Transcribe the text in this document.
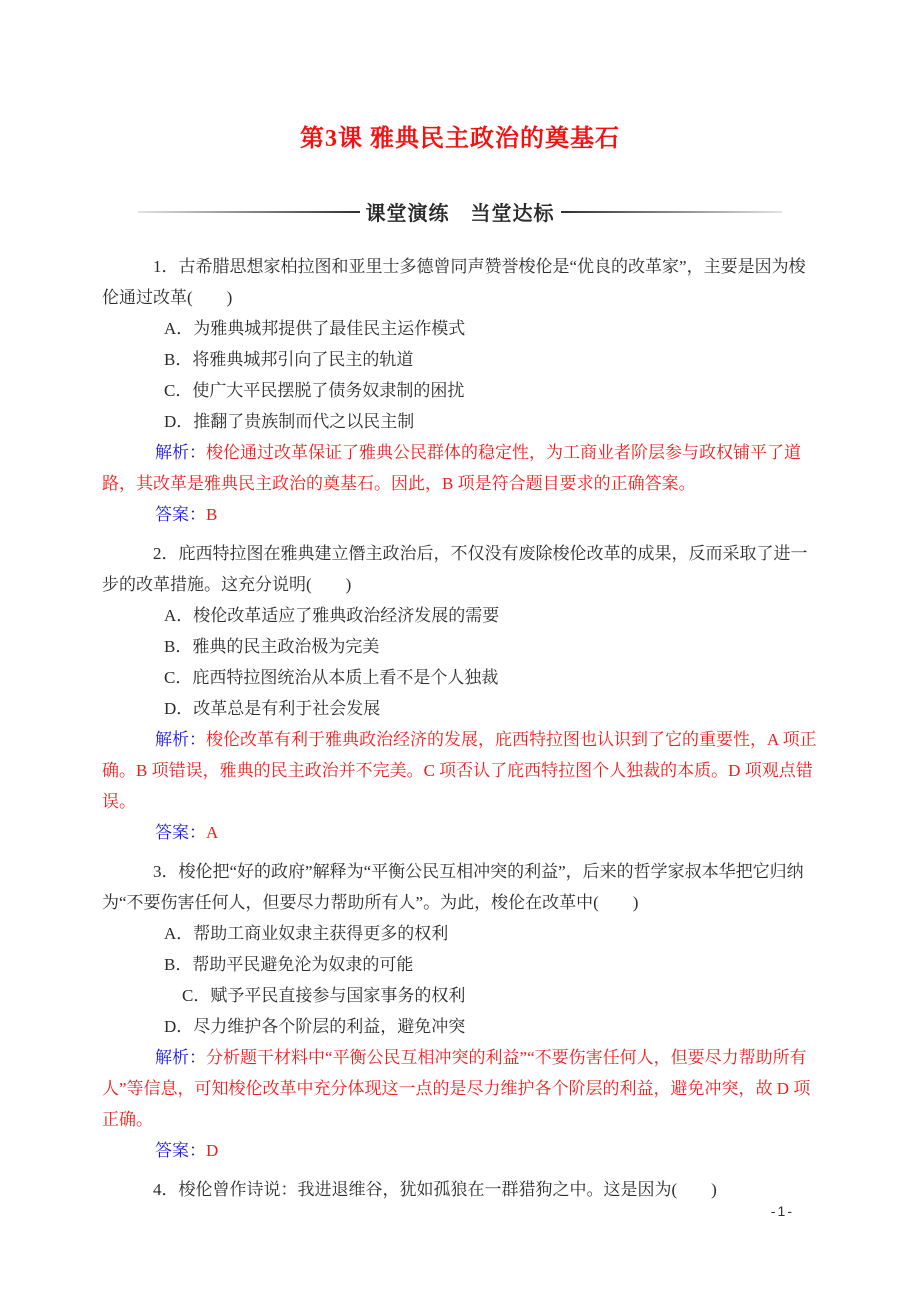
第3课 雅典民主政治的奠基石
课堂演练　当堂达标

1．古希腊思想家柏拉图和亚里士多德曾同声赞誉梭伦是“优良的改革家”，主要是因为梭伦通过改革(　　)

A．为雅典城邦提供了最佳民主运作模式

B．将雅典城邦引向了民主的轨道

C．使广大平民摆脱了债务奴隶制的困扰

D．推翻了贵族制而代之以民主制

解析：梭伦通过改革保证了雅典公民群体的稳定性，为工商业者阶层参与政权铺平了道路，其改革是雅典民主政治的奠基石。因此，B 项是符合题目要求的正确答案。

答案：B

2．庇西特拉图在雅典建立僭主政治后，不仅没有废除梭伦改革的成果，反而采取了进一步的改革措施。这充分说明(　　)

A．梭伦改革适应了雅典政治经济发展的需要

B．雅典的民主政治极为完美

C．庇西特拉图统治从本质上看不是个人独裁

D．改革总是有利于社会发展

解析：梭伦改革有利于雅典政治经济的发展，庇西特拉图也认识到了它的重要性，A 项正确。B 项错误，雅典的民主政治并不完美。C 项否认了庇西特拉图个人独裁的本质。D 项观点错误。

答案：A

3．梭伦把“好的政府”解释为“平衡公民互相冲突的利益”，后来的哲学家叔本华把它归纳为“不要伤害任何人，但要尽力帮助所有人”。为此，梭伦在改革中(　　)

A．帮助工商业奴隶主获得更多的权利

B．帮助平民避免沦为奴隶的可能

C．赋予平民直接参与国家事务的权利

D．尽力维护各个阶层的利益，避免冲突

解析：分析题干材料中“平衡公民互相冲突的利益”“不要伤害任何人，但要尽力帮助所有人”等信息，可知梭伦改革中充分体现这一点的是尽力维护各个阶层的利益，避免冲突，故 D 项正确。

答案：D

4．梭伦曾作诗说：我进退维谷，犹如孤狼在一群猎狗之中。这是因为(　　)

-1-
